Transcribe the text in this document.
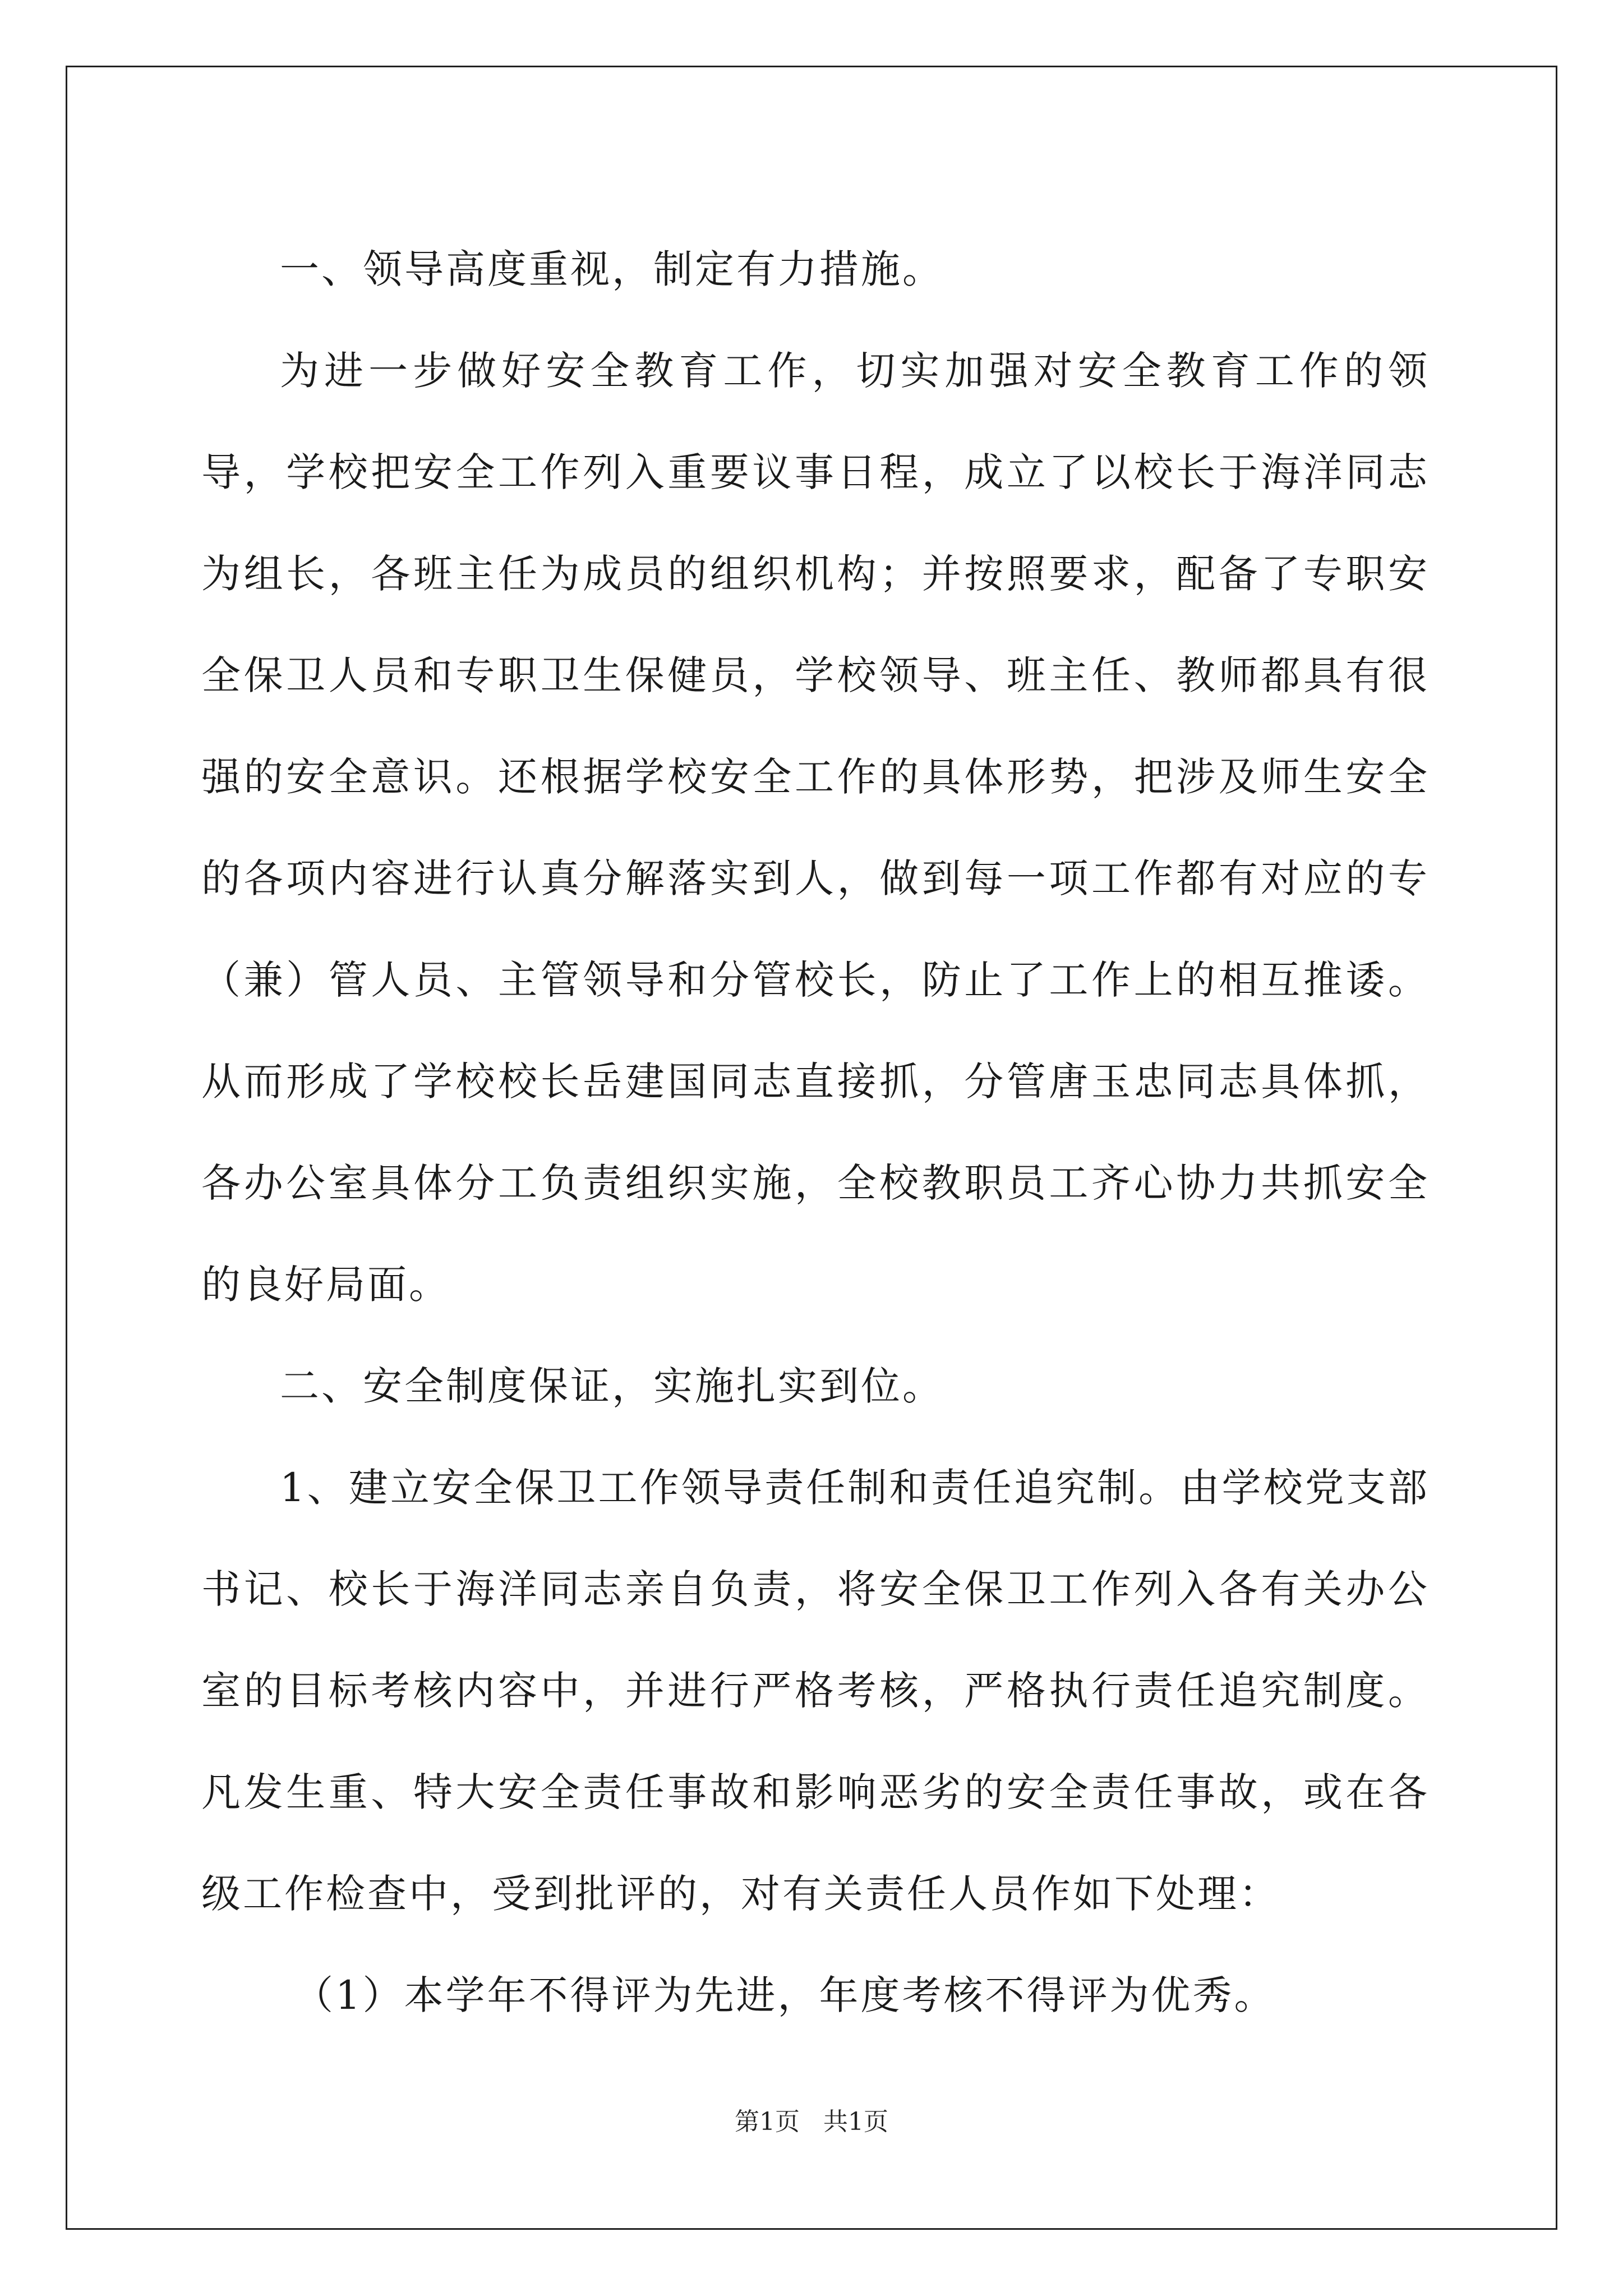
一、领导高度重视，制定有力措施。

为进一步做好安全教育工作，切实加强对安全教育工作的领导，学校把安全工作列入重要议事日程，成立了以校长于海洋同志为组长，各班主任为成员的组织机构；并按照要求，配备了专职安全保卫人员和专职卫生保健员，学校领导、班主任、教师都具有很强的安全意识。还根据学校安全工作的具体形势，把涉及师生安全的各项内容进行认真分解落实到人，做到每一项工作都有对应的专（兼）管人员、主管领导和分管校长，防止了工作上的相互推诿。从而形成了学校校长岳建国同志直接抓，分管唐玉忠同志具体抓，各办公室具体分工负责组织实施，全校教职员工齐心协力共抓安全的良好局面。

二、安全制度保证，实施扎实到位。

1、建立安全保卫工作领导责任制和责任追究制。由学校党支部书记、校长于海洋同志亲自负责，将安全保卫工作列入各有关办公室的目标考核内容中，并进行严格考核，严格执行责任追究制度。凡发生重、特大安全责任事故和影响恶劣的安全责任事故，或在各级工作检查中，受到批评的，对有关责任人员作如下处理：

（1）本学年不得评为先进，年度考核不得评为优秀。

第1页 共1页
